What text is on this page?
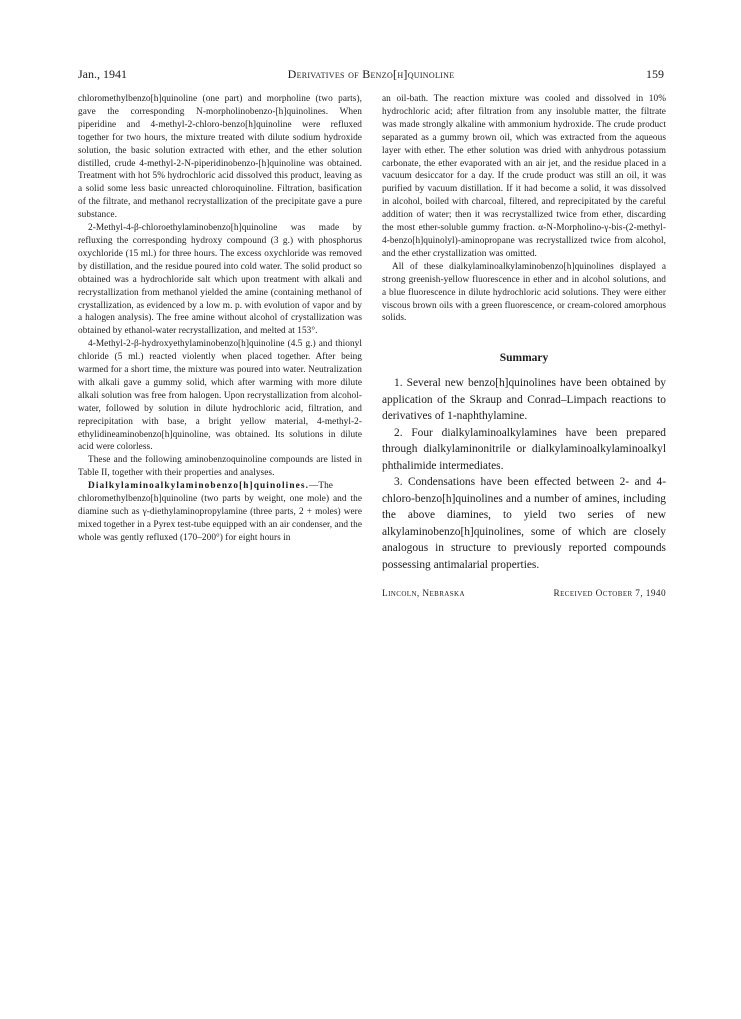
Jan., 1941	Derivatives of Benzo[h]quinoline	159

chloromethylbenzo[h]quinoline (one part) and morpholine (two parts), gave the corresponding N-morpholinobenzo-[h]quinolines. When piperidine and 4-methyl-2-chloro-benzo[h]quinoline were refluxed together for two hours, the mixture treated with dilute sodium hydroxide solution, the basic solution extracted with ether, and the ether solution distilled, crude 4-methyl-2-N-piperidinobenzo-[h]quinoline was obtained. Treatment with hot 5% hydrochloric acid dissolved this product, leaving as a solid some less basic unreacted chloroquinoline. Filtration, basification of the filtrate, and methanol recrystallization of the precipitate gave a pure substance.

2-Methyl-4-β-chloroethylaminobenzo[h]quinoline was made by refluxing the corresponding hydroxy compound (3 g.) with phosphorus oxychloride (15 ml.) for three hours. The excess oxychloride was removed by distillation, and the residue poured into cold water. The solid product so obtained was a hydrochloride salt which upon treatment with alkali and recrystallization from methanol yielded the amine (containing methanol of crystallization, as evidenced by a low m. p. with evolution of vapor and by a halogen analysis). The free amine without alcohol of crystallization was obtained by ethanol-water recrystallization, and melted at 153°.

4-Methyl-2-β-hydroxyethylaminobenzo[h]quinoline (4.5 g.) and thionyl chloride (5 ml.) reacted violently when placed together. After being warmed for a short time, the mixture was poured into water. Neutralization with alkali gave a gummy solid, which after warming with more dilute alkali solution was free from halogen. Upon recrystallization from alcohol-water, followed by solution in dilute hydrochloric acid, filtration, and reprecipitation with base, a bright yellow material, 4-methyl-2-ethylidineaminobenzo[h]quinoline, was obtained. Its solutions in dilute acid were colorless.

These and the following aminobenzoquinoline compounds are listed in Table II, together with their properties and analyses.

Dialkylaminoalkylaminobenzo[h]quinolines.—The chloromethylbenzo[h]quinoline (two parts by weight, one mole) and the diamine such as γ-diethylaminopropylamine (three parts, 2 + moles) were mixed together in a Pyrex test-tube equipped with an air condenser, and the whole was gently refluxed (170–200°) for eight hours in

an oil-bath. The reaction mixture was cooled and dissolved in 10% hydrochloric acid; after filtration from any insoluble matter, the filtrate was made strongly alkaline with ammonium hydroxide. The crude product separated as a gummy brown oil, which was extracted from the aqueous layer with ether. The ether solution was dried with anhydrous potassium carbonate, the ether evaporated with an air jet, and the residue placed in a vacuum desiccator for a day. If the crude product was still an oil, it was purified by vacuum distillation. If it had become a solid, it was dissolved in alcohol, boiled with charcoal, filtered, and reprecipitated by the careful addition of water; then it was recrystallized twice from ether, discarding the most ether-soluble gummy fraction. α-N-Morpholino-γ-bis-(2-methyl-4-benzo[h]quinolyl)-aminopropane was recrystallized twice from alcohol, and the ether crystallization was omitted.

All of these dialkylaminoalkylaminobenzo[h]quinolines displayed a strong greenish-yellow fluorescence in ether and in alcohol solutions, and a blue fluorescence in dilute hydrochloric acid solutions. They were either viscous brown oils with a green fluorescence, or cream-colored amorphous solids.

Summary

1. Several new benzo[h]quinolines have been obtained by application of the Skraup and Conrad–Limpach reactions to derivatives of 1-naphthylamine.

2. Four dialkylaminoalkylamines have been prepared through dialkylaminonitrile or dialkylaminoalkylaminoalkyl phthalimide intermediates.

3. Condensations have been effected between 2- and 4-chloro-benzo[h]quinolines and a number of amines, including the above diamines, to yield two series of new alkylaminobenzo[h]quinolines, some of which are closely analogous in structure to previously reported compounds possessing antimalarial properties.

Lincoln, Nebraska	Received October 7, 1940
